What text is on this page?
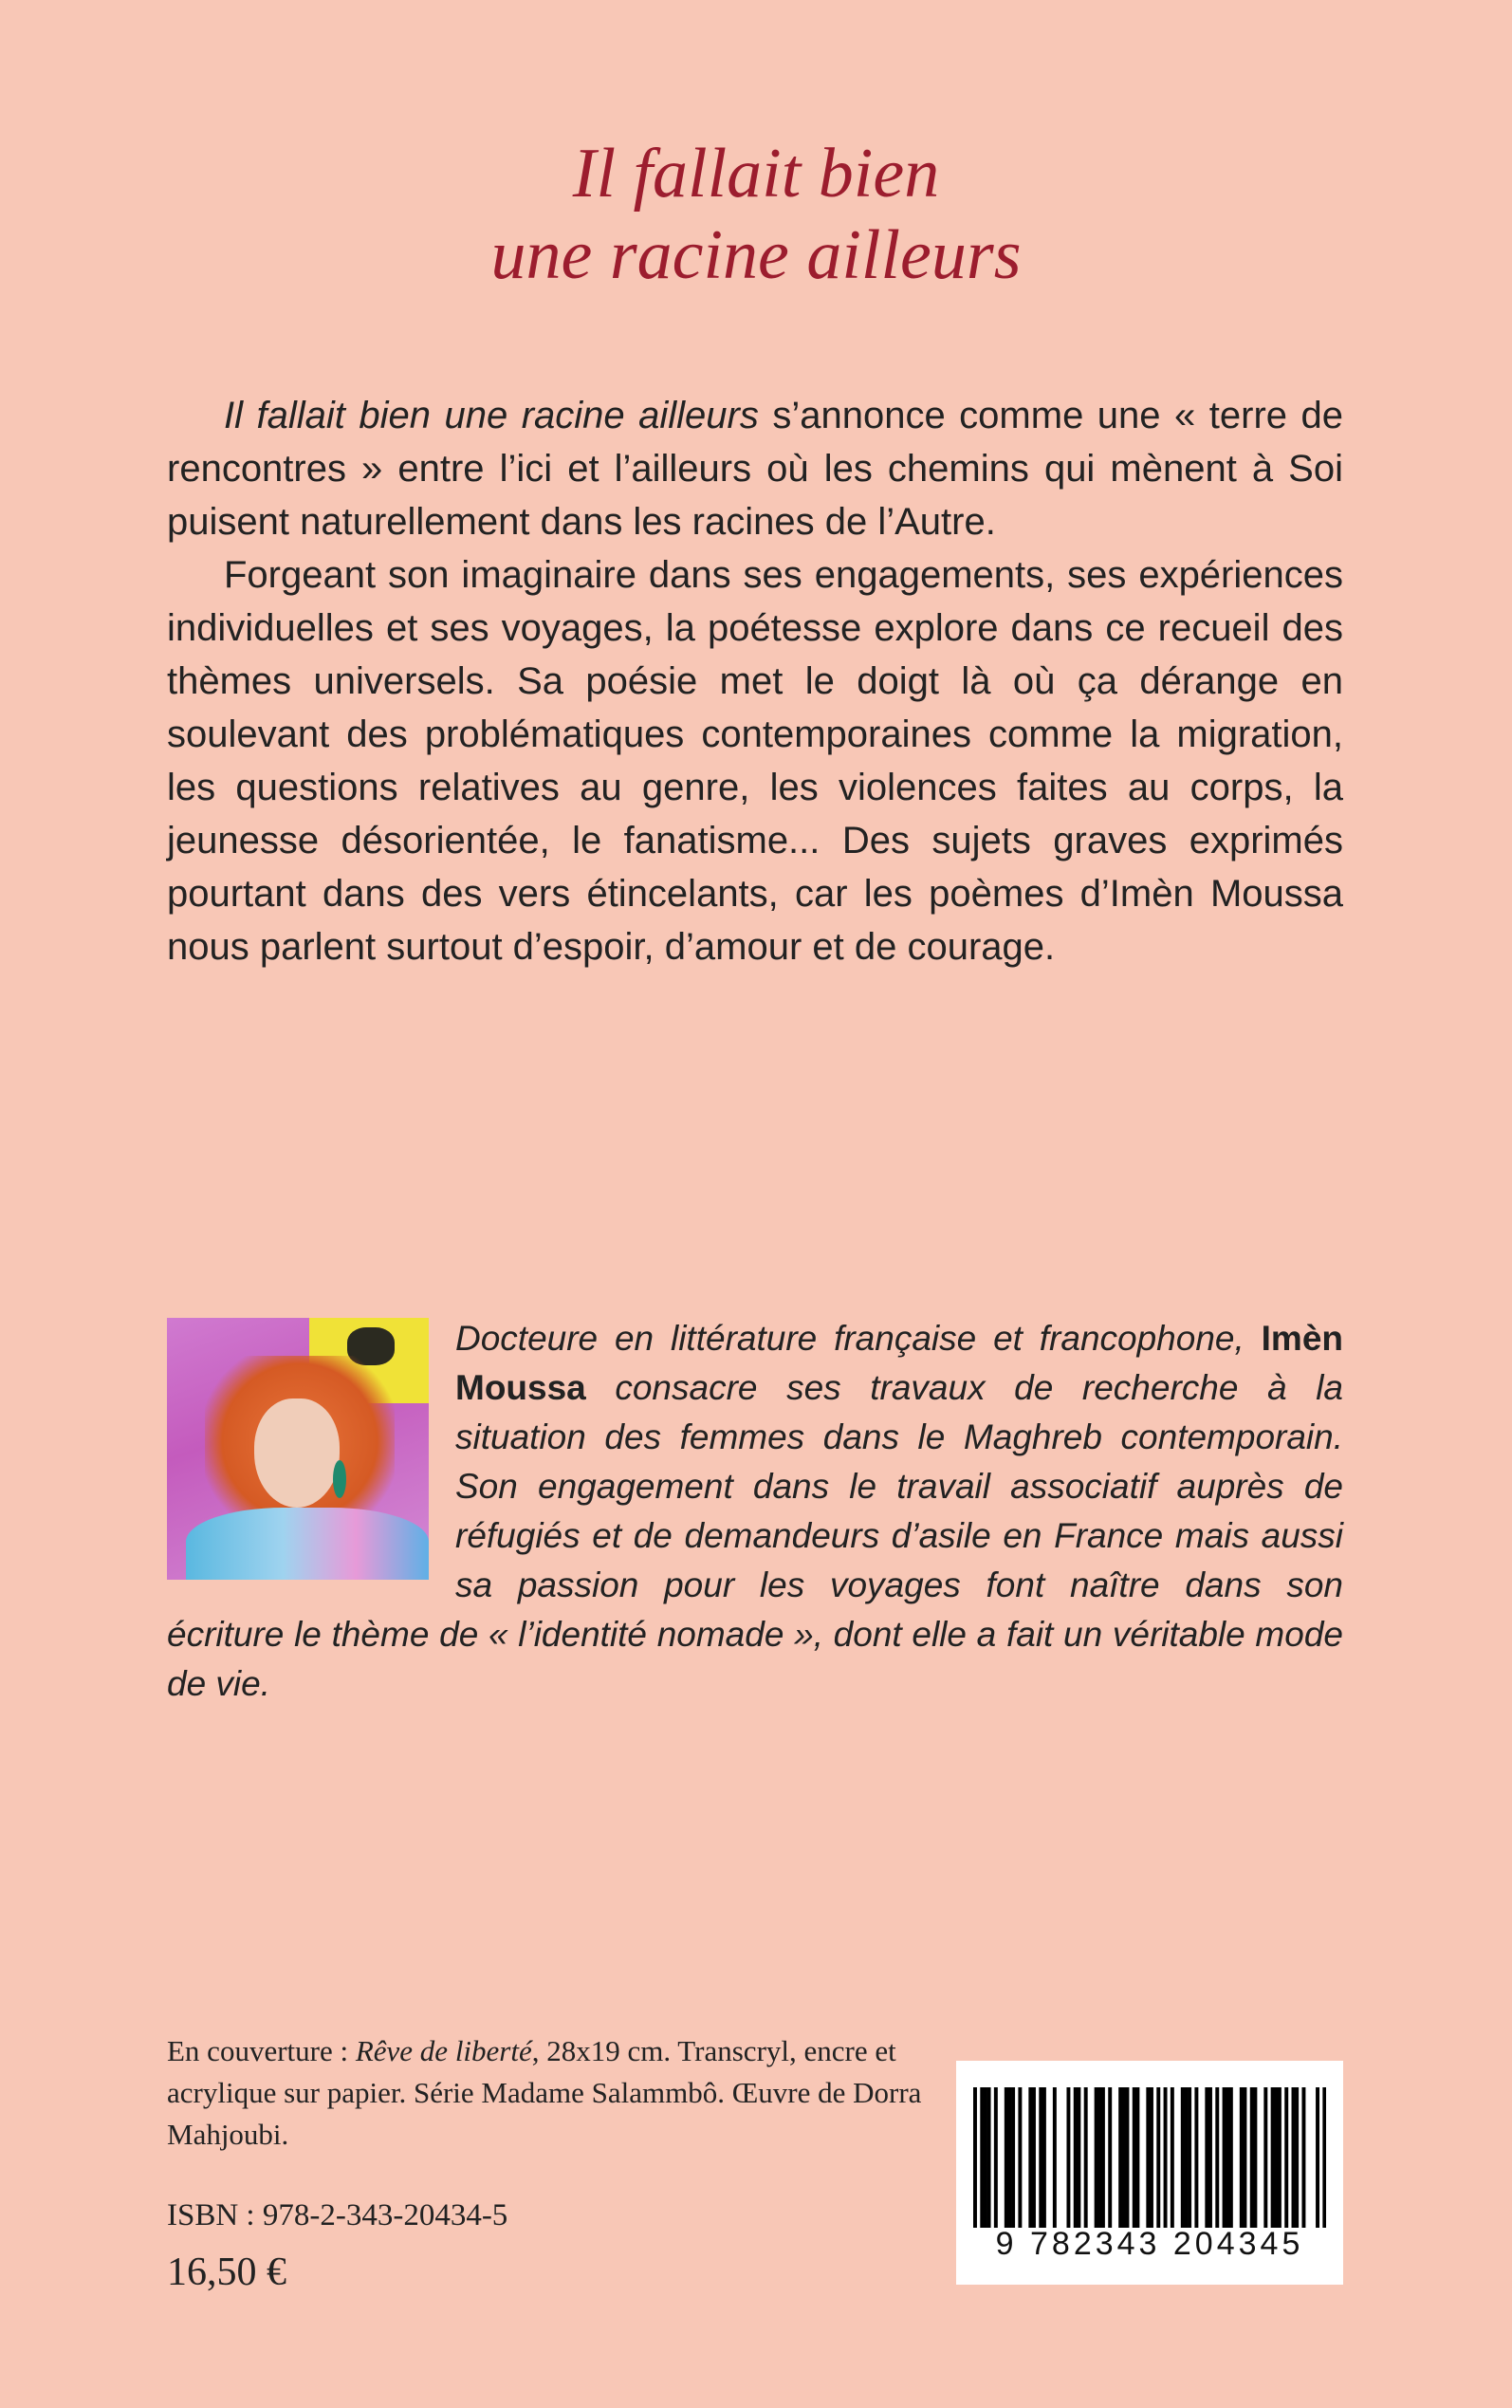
Il fallait bien
une racine ailleurs

Il fallait bien une racine ailleurs s’annonce comme une « terre de rencontres » entre l’ici et l’ailleurs où les chemins qui mènent à Soi puisent naturellement dans les racines de l’Autre.

Forgeant son imaginaire dans ses engagements, ses expériences individuelles et ses voyages, la poétesse explore dans ce recueil des thèmes universels. Sa poésie met le doigt là où ça dérange en soulevant des problématiques contemporaines comme la migration, les questions relatives au genre, les violences faites au corps, la jeunesse désorientée, le fanatisme... Des sujets graves exprimés pourtant dans des vers étincelants, car les poèmes d’Imèn Moussa nous parlent surtout d’espoir, d’amour et de courage.

Docteure en littérature française et francophone, Imèn Moussa consacre ses travaux de recherche à la situation des femmes dans le Maghreb contemporain. Son engagement dans le travail associatif auprès de réfugiés et de demandeurs d’asile en France mais aussi sa passion pour les voyages font naître dans son écriture le thème de « l’identité nomade », dont elle a fait un véritable mode de vie.
En couverture : Rêve de liberté, 28x19 cm. Transcryl, encre et acrylique sur papier. Série Madame Salammbô. Œuvre de Dorra Mahjoubi.
ISBN : 978-2-343-20434-5
16,50 €
9 782343 204345
